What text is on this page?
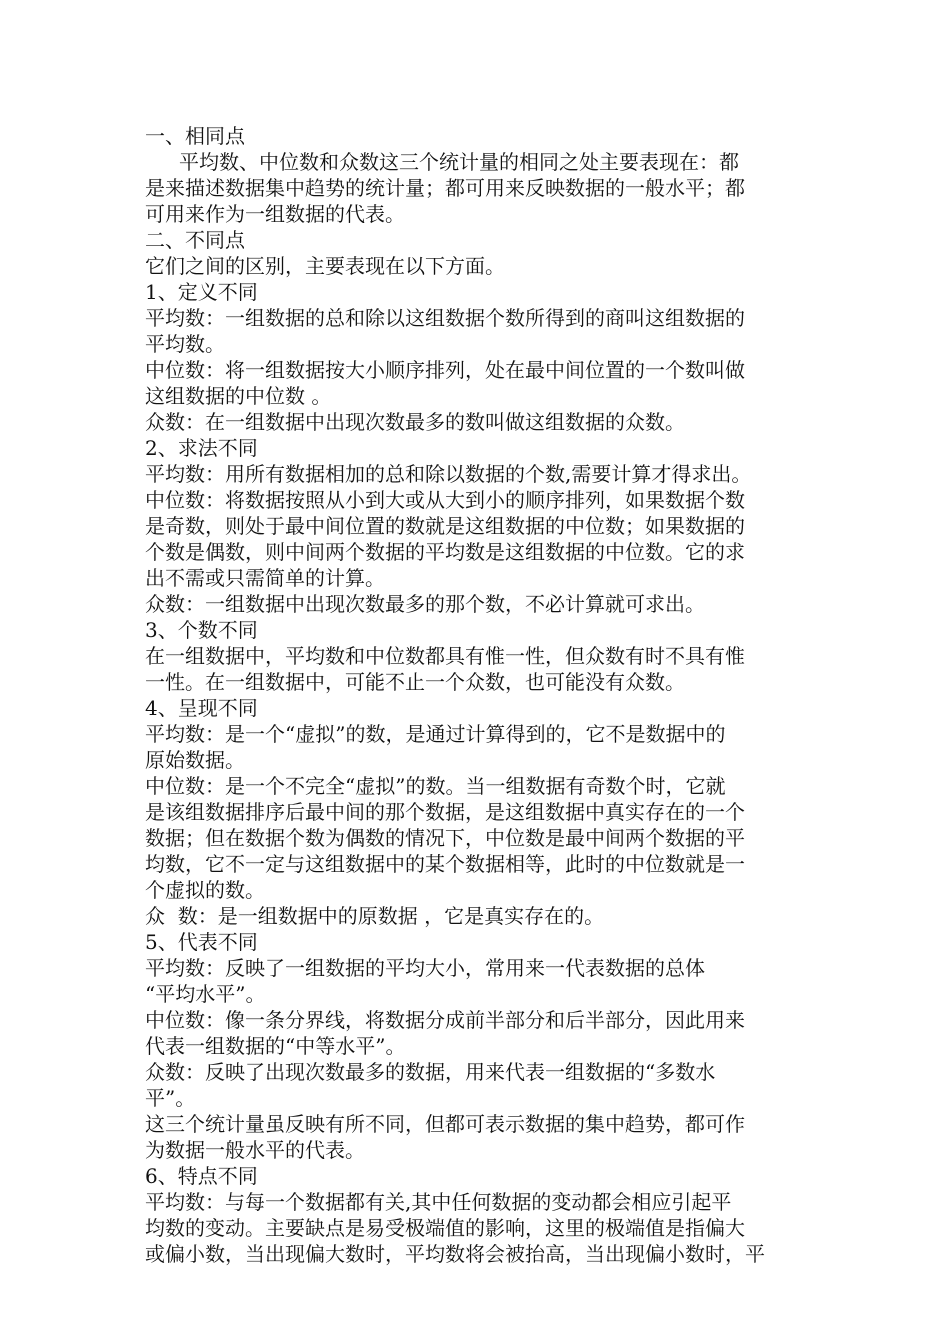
一、相同点
平均数、中位数和众数这三个统计量的相同之处主要表现在：都
是来描述数据集中趋势的统计量；都可用来反映数据的一般水平；都
可用来作为一组数据的代表。
二、不同点
它们之间的区别，主要表现在以下方面。
1、定义不同
平均数：一组数据的总和除以这组数据个数所得到的商叫这组数据的
平均数。
中位数：将一组数据按大小顺序排列，处在最中间位置的一个数叫做
这组数据的中位数 。
众数：在一组数据中出现次数最多的数叫做这组数据的众数。
2、求法不同
平均数：用所有数据相加的总和除以数据的个数,需要计算才得求出。
中位数：将数据按照从小到大或从大到小的顺序排列，如果数据个数
是奇数，则处于最中间位置的数就是这组数据的中位数；如果数据的
个数是偶数，则中间两个数据的平均数是这组数据的中位数。它的求
出不需或只需简单的计算。
众数：一组数据中出现次数最多的那个数，不必计算就可求出。
3、个数不同
在一组数据中，平均数和中位数都具有惟一性，但众数有时不具有惟
一性。在一组数据中，可能不止一个众数，也可能没有众数。
4、呈现不同
平均数：是一个“虚拟”的数，是通过计算得到的，它不是数据中的
原始数据。
中位数：是一个不完全“虚拟”的数。当一组数据有奇数个时，它就
是该组数据排序后最中间的那个数据，是这组数据中真实存在的一个
数据；但在数据个数为偶数的情况下，中位数是最中间两个数据的平
均数，它不一定与这组数据中的某个数据相等，此时的中位数就是一
个虚拟的数。
众  数：是一组数据中的原数据 ，它是真实存在的。
5、代表不同
平均数：反映了一组数据的平均大小，常用来一代表数据的总体
“平均水平”。
中位数：像一条分界线，将数据分成前半部分和后半部分，因此用来
代表一组数据的“中等水平”。
众数：反映了出现次数最多的数据，用来代表一组数据的“多数水
平”。
这三个统计量虽反映有所不同，但都可表示数据的集中趋势，都可作
为数据一般水平的代表。
6、特点不同
平均数：与每一个数据都有关,其中任何数据的变动都会相应引起平
均数的变动。主要缺点是易受极端值的影响，这里的极端值是指偏大
或偏小数，当出现偏大数时，平均数将会被抬高，当出现偏小数时，平
